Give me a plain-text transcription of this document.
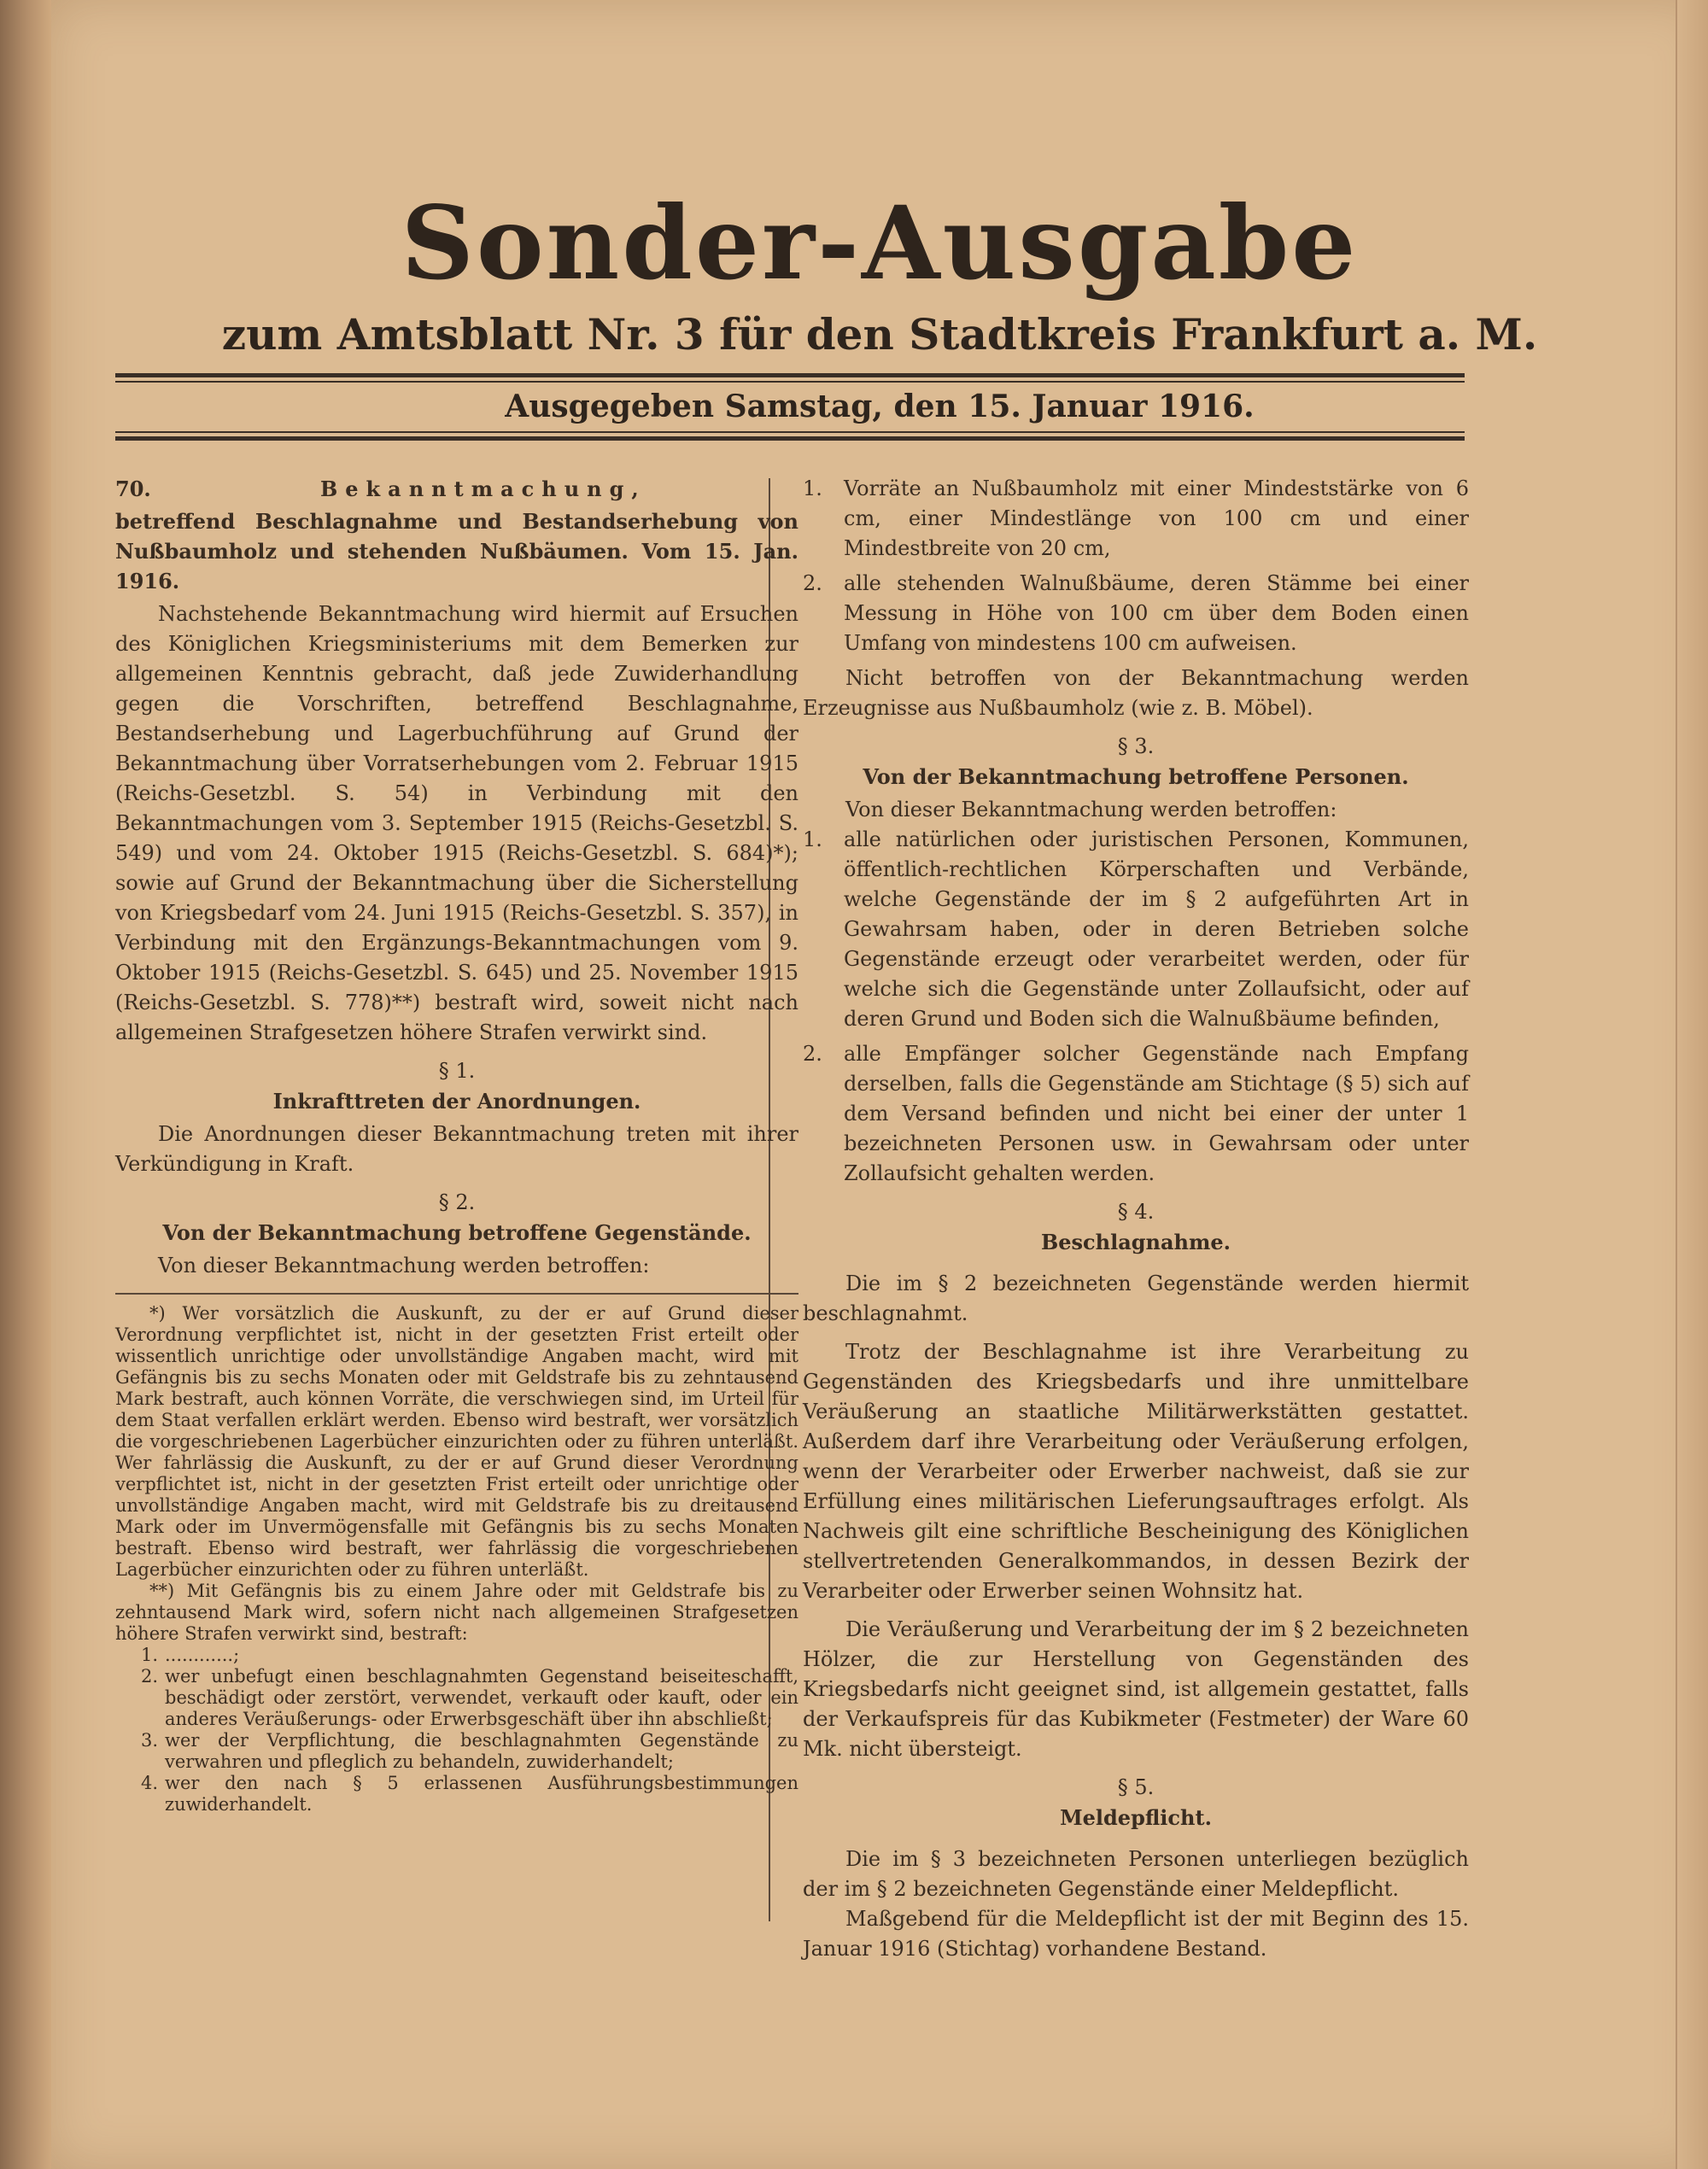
Sonder-Ausgabe
zum Amtsblatt Nr. 3 für den Stadtkreis Frankfurt a. M.
Ausgegeben Samstag, den 15. Januar 1916.
70.	Bekanntmachung,

betreffend Beschlagnahme und Bestandserhebung von Nußbaumholz und stehenden Nußbäumen. Vom 15. Jan. 1916.

Nachstehende Bekanntmachung wird hiermit auf Ersuchen des Königlichen Kriegsministeriums mit dem Bemerken zur allgemeinen Kenntnis gebracht, daß jede Zuwiderhandlung gegen die Vorschriften, betreffend Beschlagnahme, Bestandserhebung und Lagerbuchführung auf Grund der Bekanntmachung über Vorratserhebungen vom 2. Februar 1915 (Reichs-Gesetzbl. S. 54) in Verbindung mit den Bekanntmachungen vom 3. September 1915 (Reichs-Gesetzbl. S. 549) und vom 24. Oktober 1915 (Reichs-Gesetzbl. S. 684)*); sowie auf Grund der Bekanntmachung über die Sicherstellung von Kriegsbedarf vom 24. Juni 1915 (Reichs-Gesetzbl. S. 357), in Verbindung mit den Ergänzungs-Bekanntmachungen vom 9. Oktober 1915 (Reichs-Gesetzbl. S. 645) und 25. November 1915 (Reichs-Gesetzbl. S. 778)**) bestraft wird, soweit nicht nach allgemeinen Strafgesetzen höhere Strafen verwirkt sind.

§ 1.

Inkrafttreten der Anordnungen.

Die Anordnungen dieser Bekanntmachung treten mit ihrer Verkündigung in Kraft.

§ 2.

Von der Bekanntmachung betroffene Gegenstände.

Von dieser Bekanntmachung werden betroffen:

*) Wer vorsätzlich die Auskunft, zu der er auf Grund dieser Verordnung verpflichtet ist, nicht in der gesetzten Frist erteilt oder wissentlich unrichtige oder unvollständige Angaben macht, wird mit Gefängnis bis zu sechs Monaten oder mit Geldstrafe bis zu zehntausend Mark bestraft, auch können Vorräte, die verschwiegen sind, im Urteil für dem Staat verfallen erklärt werden. Ebenso wird bestraft, wer vorsätzlich die vorgeschriebenen Lagerbücher einzurichten oder zu führen unterläßt. Wer fahrlässig die Auskunft, zu der er auf Grund dieser Verordnung verpflichtet ist, nicht in der gesetzten Frist erteilt oder unrichtige oder unvollständige Angaben macht, wird mit Geldstrafe bis zu dreitausend Mark oder im Unvermögensfalle mit Gefängnis bis zu sechs Monaten bestraft. Ebenso wird bestraft, wer fahrlässig die vorgeschriebenen Lagerbücher einzurichten oder zu führen unterläßt.

**) Mit Gefängnis bis zu einem Jahre oder mit Geldstrafe bis zu zehntausend Mark wird, sofern nicht nach allgemeinen Strafgesetzen höhere Strafen verwirkt sind, bestraft:

1. ............;
2. wer unbefugt einen beschlagnahmten Gegenstand beiseiteschafft, beschädigt oder zerstört, verwendet, verkauft oder kauft, oder ein anderes Veräußerungs- oder Erwerbsgeschäft über ihn abschließt;
3. wer der Verpflichtung, die beschlagnahmten Gegenstände zu verwahren und pfleglich zu behandeln, zuwiderhandelt;
4. wer den nach § 5 erlassenen Ausführungsbestimmungen zuwiderhandelt.
1.	Vorräte an Nußbaumholz mit einer Mindeststärke von 6 cm, einer Mindestlänge von 100 cm und einer Mindestbreite von 20 cm,
2.	alle stehenden Walnußbäume, deren Stämme bei einer Messung in Höhe von 100 cm über dem Boden einen Umfang von mindestens 100 cm aufweisen.

Nicht betroffen von der Bekanntmachung werden Erzeugnisse aus Nußbaumholz (wie z. B. Möbel).

§ 3.

Von der Bekanntmachung betroffene Personen.

Von dieser Bekanntmachung werden betroffen:

1.	alle natürlichen oder juristischen Personen, Kommunen, öffentlich-rechtlichen Körperschaften und Verbände, welche Gegenstände der im § 2 aufgeführten Art in Gewahrsam haben, oder in deren Betrieben solche Gegenstände erzeugt oder verarbeitet werden, oder für welche sich die Gegenstände unter Zollaufsicht, oder auf deren Grund und Boden sich die Walnußbäume befinden,
2.	alle Empfänger solcher Gegenstände nach Empfang derselben, falls die Gegenstände am Stichtage (§ 5) sich auf dem Versand befinden und nicht bei einer der unter 1 bezeichneten Personen usw. in Gewahrsam oder unter Zollaufsicht gehalten werden.

§ 4.

Beschlagnahme.

Die im § 2 bezeichneten Gegenstände werden hiermit beschlagnahmt.

Trotz der Beschlagnahme ist ihre Verarbeitung zu Gegenständen des Kriegsbedarfs und ihre unmittelbare Veräußerung an staatliche Militärwerkstätten gestattet. Außerdem darf ihre Verarbeitung oder Veräußerung erfolgen, wenn der Verarbeiter oder Erwerber nachweist, daß sie zur Erfüllung eines militärischen Lieferungsauftrages erfolgt. Als Nachweis gilt eine schriftliche Bescheinigung des Königlichen stellvertretenden Generalkommandos, in dessen Bezirk der Verarbeiter oder Erwerber seinen Wohnsitz hat.

Die Veräußerung und Verarbeitung der im § 2 bezeichneten Hölzer, die zur Herstellung von Gegenständen des Kriegsbedarfs nicht geeignet sind, ist allgemein gestattet, falls der Verkaufspreis für das Kubikmeter (Festmeter) der Ware 60 Mk. nicht übersteigt.

§ 5.

Meldepflicht.

Die im § 3 bezeichneten Personen unterliegen bezüglich der im § 2 bezeichneten Gegenstände einer Meldepflicht.

Maßgebend für die Meldepflicht ist der mit Beginn des 15. Januar 1916 (Stichtag) vorhandene Bestand.
